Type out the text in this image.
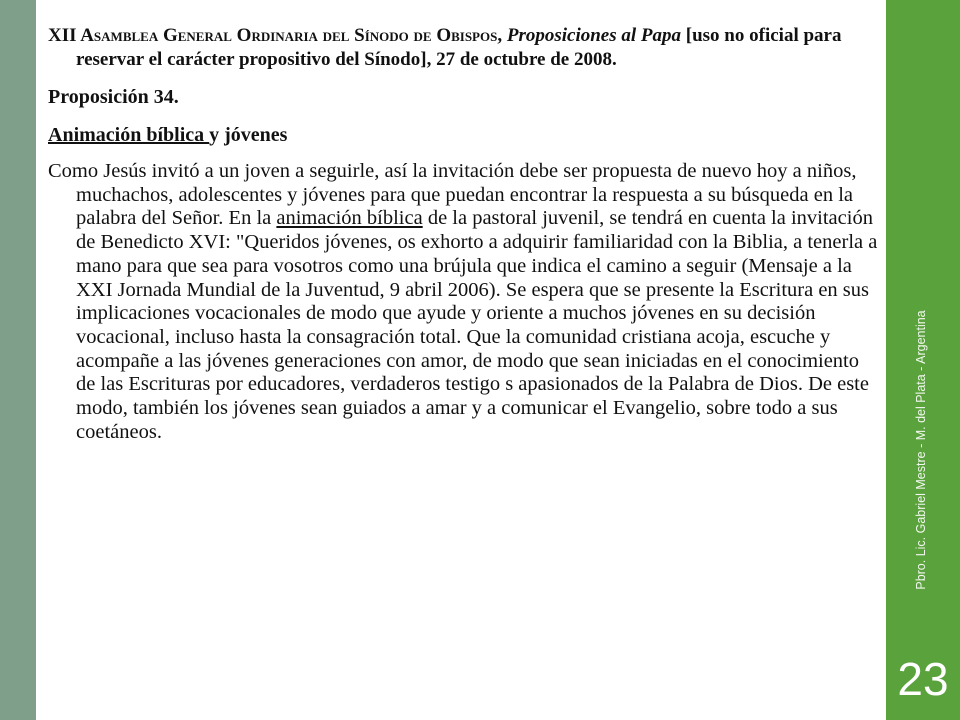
Pbro. Lic. Gabriel Mestre - M. del Plata - Argentina
23

XII Asamblea General Ordinaria del Sínodo de Obispos, Proposiciones al Papa [uso no oficial para reservar el carácter propositivo del Sínodo], 27 de octubre de 2008.

Proposición 34.

Animación bíblica y jóvenes

Como Jesús invitó a un joven a seguirle, así la invitación debe ser propuesta de nuevo hoy a niños, muchachos, adolescentes y jóvenes para que puedan encontrar la respuesta a su búsqueda en la palabra del Señor. En la animación bíblica de la pastoral juvenil, se tendrá en cuenta la invitación de Benedicto XVI: "Queridos jóvenes, os exhorto a adquirir familiaridad con la Biblia, a tenerla a mano para que sea para vosotros como una brújula que indica el camino a seguir (Mensaje a la XXI Jornada Mundial de la Juventud, 9 abril 2006). Se espera que se presente la Escritura en sus implicaciones vocacionales de modo que ayude y oriente a muchos jóvenes en su decisión vocacional, incluso hasta la consagración total. Que la comunidad cristiana acoja, escuche y acompañe a las jóvenes generaciones con amor, de modo que sean iniciadas en el conocimiento de las Escrituras por educadores, verdaderos testigo s apasionados de la Palabra de Dios. De este modo, también los jóvenes sean guiados a amar y a comunicar el Evangelio, sobre todo a sus coetáneos.
